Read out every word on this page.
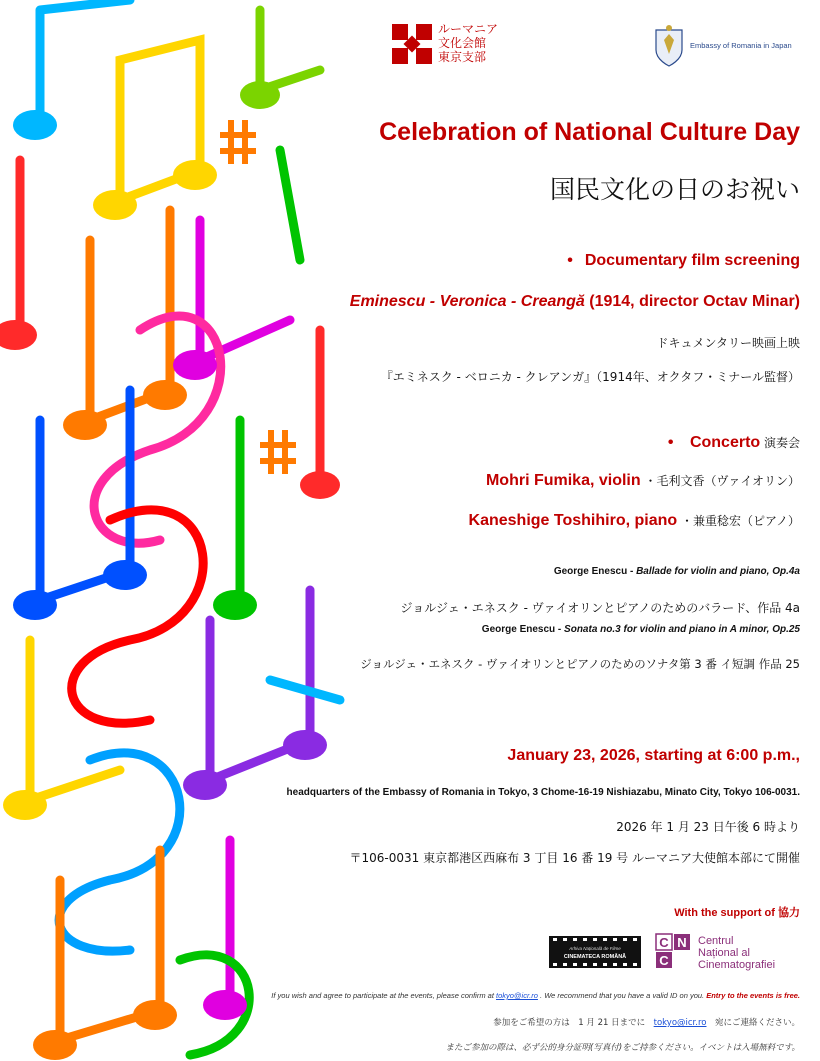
ルーマニア
文化会館
東京支部
Embassy of Romania in Japan
Celebration of National Culture Day
国民文化の日のお祝い
• Documentary film screening
Eminescu - Veronica - Creangă (1914, director Octav Minar)
ドキュメンタリー映画上映
『エミネスク - ベロニカ - クレアンガ』（1914年、オクタフ・ミナール監督）
• Concerto 演奏会
Mohri Fumika, violin ・毛利文香（ヴァイオリン）
Kaneshige Toshihiro, piano ・兼重稔宏（ピアノ）
George Enescu - Ballade for violin and piano, Op.4a
ジョルジェ・エネスク - ヴァイオリンとピアノのためのバラード、作品 4a
George Enescu - Sonata no.3 for violin and piano in A minor, Op.25
ジョルジェ・エネスク - ヴァイオリンとピアノのためのソナタ第 3 番 イ短調 作品 25
January 23, 2026, starting at 6:00 p.m.,
headquarters of the Embassy of Romania in Tokyo, 3 Chome-16-19 Nishiazabu, Minato City, Tokyo 106-0031.
2026 年 1 月 23 日午後 6 時より
〒106-0031 東京都港区西麻布 3 丁目 16 番 19 号 ルーマニア大使館本部にて開催
With the support of 協力
Arhiva Națională de Filme
CINEMATECA ROMÂNĂ
C N
C
Centrul
Național al
Cinematografiei
If you wish and agree to participate at the events, please confirm at tokyo@icr.ro . We recommend that you have a valid ID on you. Entry to the events is free.
参加をご希望の方は　1 月 21 日までに　tokyo@icr.ro　宛にご連絡ください。
またご参加の際は、必ず公的身分証明(写真付)をご持参ください。イベントは入場無料です。
